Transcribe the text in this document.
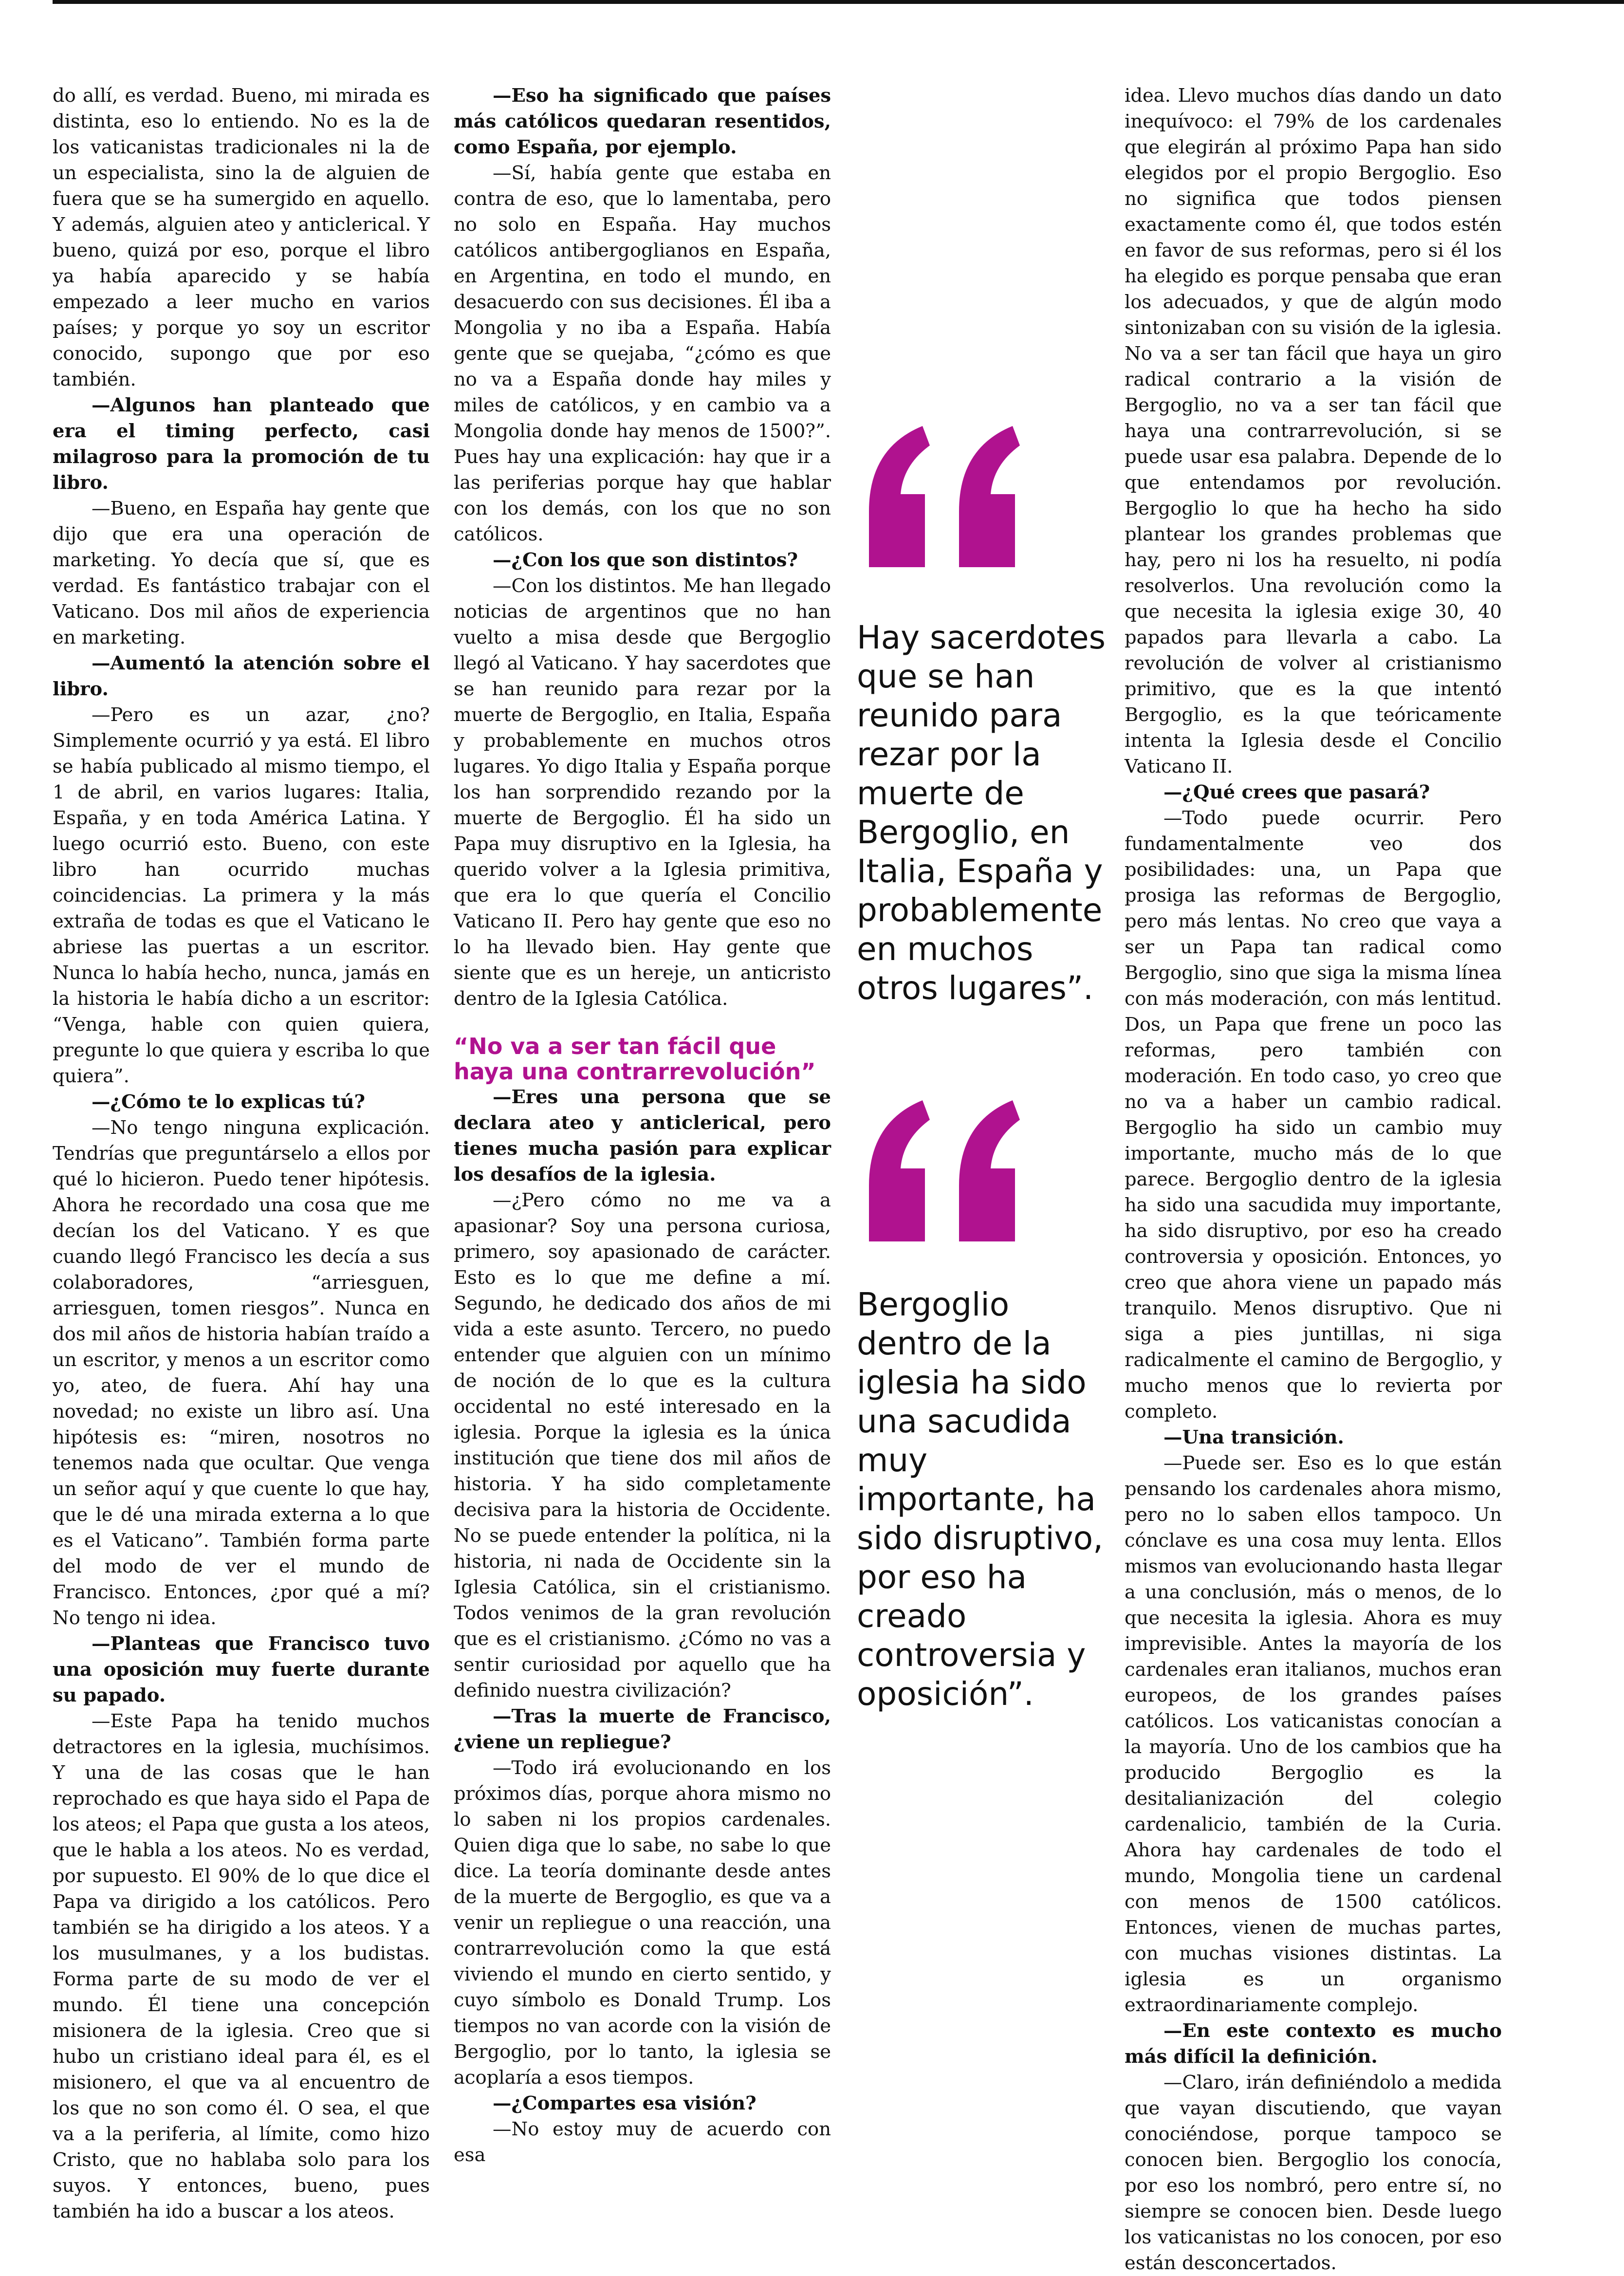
do allí, es verdad. Bueno, mi mirada es distinta, eso lo entiendo. No es la de los vaticanistas tradicionales ni la de un especialista, sino la de alguien de fuera que se ha sumergido en aquello. Y además, alguien ateo y anticlerical. Y bueno, quizá por eso, porque el libro ya había aparecido y se había empezado a leer mucho en varios países; y porque yo soy un escritor conocido, supongo que por eso también.

—Algunos han planteado que era el timing perfecto, casi milagroso para la promoción de tu libro.

—Bueno, en España hay gente que dijo que era una operación de marketing. Yo decía que sí, que es verdad. Es fantástico trabajar con el Vaticano. Dos mil años de experiencia en marketing.

—Aumentó la atención sobre el libro.

—Pero es un azar, ¿no? Simplemente ocurrió y ya está. El libro se había publicado al mismo tiempo, el 1 de abril, en varios lugares: Italia, España, y en toda América Latina. Y luego ocurrió esto. Bueno, con este libro han ocurrido muchas coincidencias. La primera y la más extraña de todas es que el Vaticano le abriese las puertas a un escritor. Nunca lo había hecho, nunca, jamás en la historia le había dicho a un escritor: “Venga, hable con quien quiera, pregunte lo que quiera y escriba lo que quiera”.

—¿Cómo te lo explicas tú?

—No tengo ninguna explicación. Tendrías que preguntárselo a ellos por qué lo hicieron. Puedo tener hipótesis. Ahora he recordado una cosa que me decían los del Vaticano. Y es que cuando llegó Francisco les decía a sus colaboradores, “arriesguen, arriesguen, tomen riesgos”. Nunca en dos mil años de historia habían traído a un escritor, y menos a un escritor como yo, ateo, de fuera. Ahí hay una novedad; no existe un libro así. Una hipótesis es: “miren, nosotros no tenemos nada que ocultar. Que venga un señor aquí y que cuente lo que hay, que le dé una mirada externa a lo que es el Vaticano”. También forma parte del modo de ver el mundo de Francisco. Entonces, ¿por qué a mí? No tengo ni idea.

—Planteas que Francisco tuvo una oposición muy fuerte durante su papado.

—Este Papa ha tenido muchos detractores en la iglesia, muchísimos. Y una de las cosas que le han reprochado es que haya sido el Papa de los ateos; el Papa que gusta a los ateos, que le habla a los ateos. No es verdad, por supuesto. El 90% de lo que dice el Papa va dirigido a los católicos. Pero también se ha dirigido a los ateos. Y a los musulmanes, y a los budistas. Forma parte de su modo de ver el mundo. Él tiene una concepción misionera de la iglesia. Creo que si hubo un cristiano ideal para él, es el misionero, el que va al encuentro de los que no son como él. O sea, el que va a la periferia, al límite, como hizo Cristo, que no hablaba solo para los suyos. Y entonces, bueno, pues también ha ido a buscar a los ateos.

—Eso ha significado que países más católicos quedaran resentidos, como España, por ejemplo.

—Sí, había gente que estaba en contra de eso, que lo lamentaba, pero no solo en España. Hay muchos católicos antibergoglianos en España, en Argentina, en todo el mundo, en desacuerdo con sus decisiones. Él iba a Mongolia y no iba a España. Había gente que se quejaba, “¿cómo es que no va a España donde hay miles y miles de católicos, y en cambio va a Mongolia donde hay menos de 1500?”. Pues hay una explicación: hay que ir a las periferias porque hay que hablar con los demás, con los que no son católicos.

—¿Con los que son distintos?

—Con los distintos. Me han llegado noticias de argentinos que no han vuelto a misa desde que Bergoglio llegó al Vaticano. Y hay sacerdotes que se han reunido para rezar por la muerte de Bergoglio, en Italia, España y probablemente en muchos otros lugares. Yo digo Italia y España porque los han sorprendido rezando por la muerte de Bergoglio. Él ha sido un Papa muy disruptivo en la Iglesia, ha querido volver a la Iglesia primitiva, que era lo que quería el Concilio Vaticano II. Pero hay gente que eso no lo ha llevado bien. Hay gente que siente que es un hereje, un anticristo dentro de la Iglesia Católica.

“No va a ser tan fácil que haya una contrarrevolución”

—Eres una persona que se declara ateo y anticlerical, pero tienes mucha pasión para explicar los desafíos de la iglesia.

—¿Pero cómo no me va a apasionar? Soy una persona curiosa, primero, soy apasionado de carácter. Esto es lo que me define a mí. Segundo, he dedicado dos años de mi vida a este asunto. Tercero, no puedo entender que alguien con un mínimo de noción de lo que es la cultura occidental no esté interesado en la iglesia. Porque la iglesia es la única institución que tiene dos mil años de historia. Y ha sido completamente decisiva para la historia de Occidente. No se puede entender la política, ni la historia, ni nada de Occidente sin la Iglesia Católica, sin el cristianismo. Todos venimos de la gran revolución que es el cristianismo. ¿Cómo no vas a sentir curiosidad por aquello que ha definido nuestra civilización?

—Tras la muerte de Francisco, ¿viene un repliegue?

—Todo irá evolucionando en los próximos días, porque ahora mismo no lo saben ni los propios cardenales. Quien diga que lo sabe, no sabe lo que dice. La teoría dominante desde antes de la muerte de Bergoglio, es que va a venir un repliegue o una reacción, una contrarrevolución como la que está viviendo el mundo en cierto sentido, y cuyo símbolo es Donald Trump. Los tiempos no van acorde con la visión de Bergoglio, por lo tanto, la iglesia se acoplaría a esos tiempos.

—¿Compartes esa visión?

—No estoy muy de acuerdo con esa

idea. Llevo muchos días dando un dato inequívoco: el 79% de los cardenales que elegirán al próximo Papa han sido elegidos por el propio Bergoglio. Eso no significa que todos piensen exactamente como él, que todos estén en favor de sus reformas, pero si él los ha elegido es porque pensaba que eran los adecuados, y que de algún modo sintonizaban con su visión de la iglesia. No va a ser tan fácil que haya un giro radical contrario a la visión de Bergoglio, no va a ser tan fácil que haya una contrarrevolución, si se puede usar esa palabra. Depende de lo que entendamos por revolución. Bergoglio lo que ha hecho ha sido plantear los grandes problemas que hay, pero ni los ha resuelto, ni podía resolverlos. Una revolución como la que necesita la iglesia exige 30, 40 papados para llevarla a cabo. La revolución de volver al cristianismo primitivo, que es la que intentó Bergoglio, es la que teóricamente intenta la Iglesia desde el Concilio Vaticano II.

—¿Qué crees que pasará?

—Todo puede ocurrir. Pero fundamentalmente veo dos posibilidades: una, un Papa que prosiga las reformas de Bergoglio, pero más lentas. No creo que vaya a ser un Papa tan radical como Bergoglio, sino que siga la misma línea con más moderación, con más lentitud. Dos, un Papa que frene un poco las reformas, pero también con moderación. En todo caso, yo creo que no va a haber un cambio radical. Bergoglio ha sido un cambio muy importante, mucho más de lo que parece. Bergoglio dentro de la iglesia ha sido una sacudida muy importante, ha sido disruptivo, por eso ha creado controversia y oposición. Entonces, yo creo que ahora viene un papado más tranquilo. Menos disruptivo. Que ni siga a pies juntillas, ni siga radicalmente el camino de Bergoglio, y mucho menos que lo revierta por completo.

—Una transición.

—Puede ser. Eso es lo que están pensando los cardenales ahora mismo, pero no lo saben ellos tampoco. Un cónclave es una cosa muy lenta. Ellos mismos van evolucionando hasta llegar a una conclusión, más o menos, de lo que necesita la iglesia. Ahora es muy imprevisible. Antes la mayoría de los cardenales eran italianos, muchos eran europeos, de los grandes países católicos. Los vaticanistas conocían a la mayoría. Uno de los cambios que ha producido Bergoglio es la desitalianización del colegio cardenalicio, también de la Curia. Ahora hay cardenales de todo el mundo, Mongolia tiene un cardenal con menos de 1500 católicos. Entonces, vienen de muchas partes, con muchas visiones distintas. La iglesia es un organismo extraordinariamente complejo.

—En este contexto es mucho más difícil la definición.

—Claro, irán definiéndolo a medida que vayan discutiendo, que vayan conociéndose, porque tampoco se conocen bien. Bergoglio los conocía, por eso los nombró, pero entre sí, no siempre se conocen bien. Desde luego los vaticanistas no los conocen, por eso están desconcertados.

Hay sacerdotes que se han reunido para rezar por la muerte de Bergoglio, en Italia, España y probablemente en muchos otros lugares”.

Bergoglio dentro de la iglesia ha sido una sacudida muy importante, ha sido disruptivo, por eso ha creado controversia y oposición”.
